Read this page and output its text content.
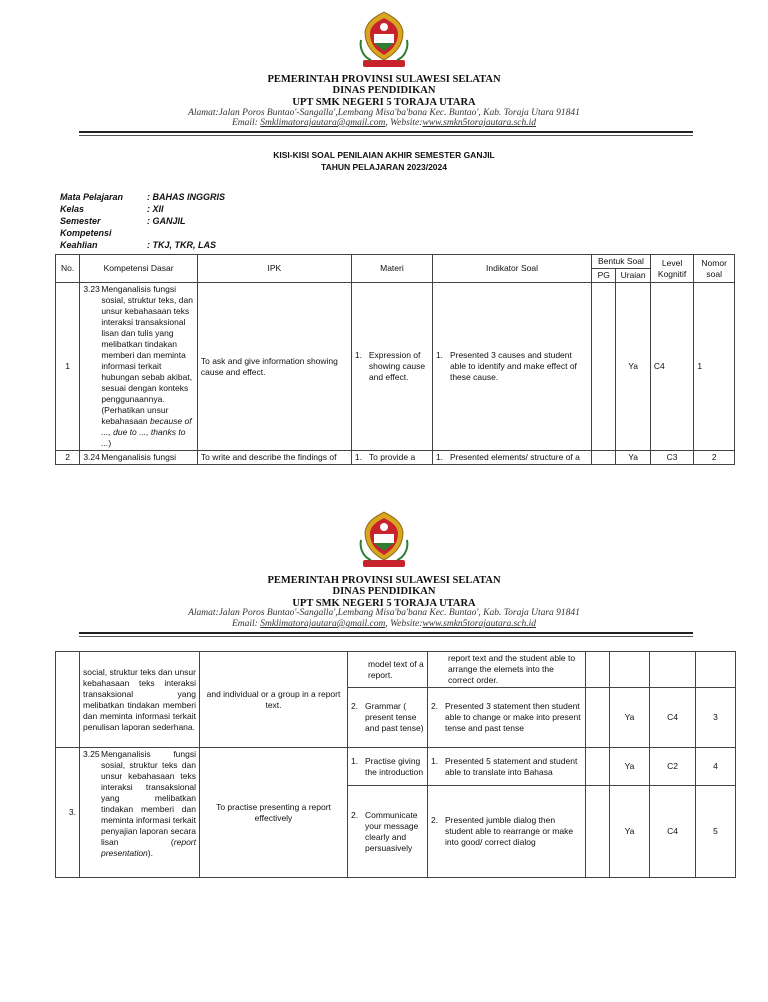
PEMERINTAH PROVINSI SULAWESI SELATAN
DINAS PENDIDIKAN
UPT SMK NEGERI 5 TORAJA UTARA
Alamat:Jalan Poros Buntao'-Sangalla',Lembang Misa'ba'bana Kec. Buntao', Kab. Toraja Utara 91841
Email: Smklimatorajautara@gmail.com, Website:www.smkn5torajautara.sch.id
KISI-KISI SOAL PENILAIAN AKHIR SEMESTER GANJIL
TAHUN PELAJARAN 2023/2024
Mata Pelajaran	: BAHAS INGGRIS
Kelas	: XII
Semester	: GANJIL
Kompetensi Keahlian	: TKJ, TKR, LAS
No.	Kompetensi Dasar	IPK	Materi	Indikator Soal	Bentuk Soal		Level Kognitif	Nomor soal
					PG	Uraian		
1	3.23 Menganalisis fungsi sosial, struktur teks, dan unsur kebahasaan teks interaksi transaksional lisan dan tulis yang melibatkan tindakan memberi dan meminta informasi terkait hubungan sebab akibat, sesuai dengan konteks penggunaannya. (Perhatikan unsur kebahasaan because of ..., due to ..., thanks to ...)	To ask and give information showing cause and effect.	1. Expression of showing cause and effect.	1. Presented 3 causes and student able to identify and make effect of these cause.		Ya	C4	1
2	3.24 Menganalisis fungsi	To write and describe the findings of	1. To provide a	1. Presented elements/ structure of a		Ya	C3	2
PEMERINTAH PROVINSI SULAWESI SELATAN
DINAS PENDIDIKAN
UPT SMK NEGERI 5 TORAJA UTARA
Alamat:Jalan Poros Buntao'-Sangalla',Lembang Misa'ba'bana Kec. Buntao', Kab. Toraja Utara 91841
Email: Smklimatorajautara@gmail.com, Website:www.smkn5torajautara.sch.id
	social, struktur teks dan unsur kebahasaan teks interaksi transaksional yang melibatkan tindakan memberi dan meminta informasi terkait penulisan laporan sederhana.	and individual or a group in a report text.	model text of a report.	report text and the student able to arrange the elemets into the correct order.				

			2. Grammar ( present tense and past tense)	2. Presented 3 statement then student able to change or make into present tense and past tense		Ya	C4	3
3.	3.25 Menganalisis fungsi sosial, struktur teks dan unsur kebahasaan teks interaksi transaksional yang melibatkan tindakan memberi dan meminta informasi terkait penyajian laporan secara lisan (report presentation).	To practise presenting a report effectively	1. Practise giving the introduction	1. Presented 5 statement and student able to translate into Bahasa		Ya	C2	4

			2. Communicate your message clearly and persuasively	2. Presented jumble dialog then student able to rearrange or make into good/ correct dialog		Ya	C4	5
